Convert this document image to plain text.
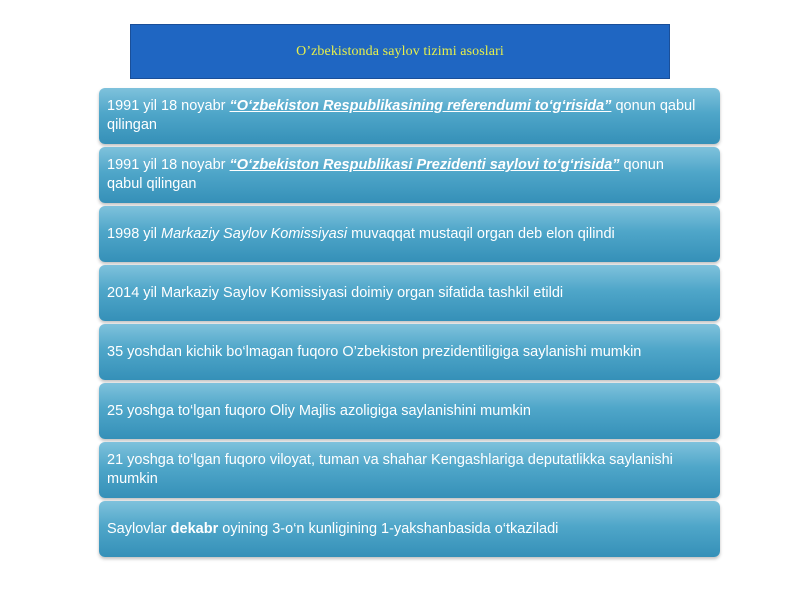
O’zbekistonda saylov tizimi asoslari
1991 yil 18 noyabr “O‘zbekiston Respublikasining referendumi to‘g‘risida” qonun qabul qilingan
1991 yil 18 noyabr “O‘zbekiston Respublikasi Prezidenti saylovi to‘g‘risida” qonun qabul qilingan
1998 yil Markaziy Saylov Komissiyasi muvaqqat mustaqil organ deb elon qilindi
2014 yil Markaziy Saylov Komissiyasi doimiy organ sifatida tashkil etildi
35 yoshdan kichik bo‘lmagan fuqoro O’zbekiston prezidentiligiga saylanishi mumkin
25 yoshga to‘lgan fuqoro Oliy Majlis azoligiga saylanishini mumkin
21 yoshga to‘lgan fuqoro viloyat, tuman va shahar Kengashlariga deputatlikka saylanishi mumkin
Saylovlar dekabr oyining 3-o‘n kunligining 1-yakshanbasida o‘tkaziladi
